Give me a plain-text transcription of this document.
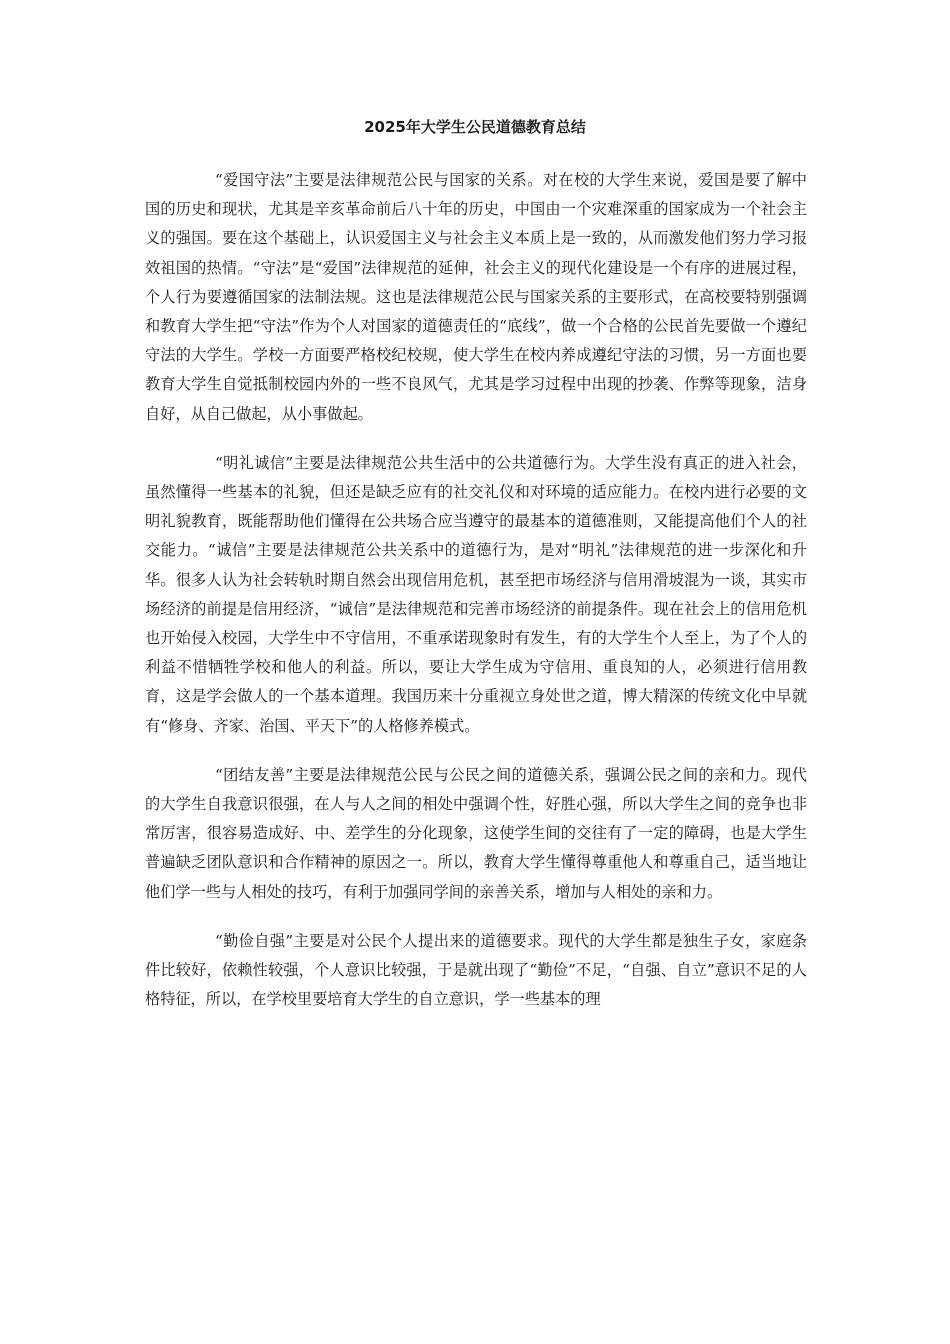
2025年大学生公民道德教育总结

“爱国守法”主要是法律规范公民与国家的关系。对在校的大学生来说，爱国是要了解中国的历史和现状，尤其是辛亥革命前后八十年的历史，中国由一个灾难深重的国家成为一个社会主义的强国。要在这个基础上，认识爱国主义与社会主义本质上是一致的，从而激发他们努力学习报效祖国的热情。“守法”是“爱国”法律规范的延伸，社会主义的现代化建设是一个有序的进展过程，个人行为要遵循国家的法制法规。这也是法律规范公民与国家关系的主要形式，在高校要特别强调和教育大学生把“守法”作为个人对国家的道德责任的“底线”，做一个合格的公民首先要做一个遵纪守法的大学生。学校一方面要严格校纪校规，使大学生在校内养成遵纪守法的习惯，另一方面也要教育大学生自觉抵制校园内外的一些不良风气，尤其是学习过程中出现的抄袭、作弊等现象，洁身自好，从自己做起，从小事做起。

“明礼诚信”主要是法律规范公共生活中的公共道德行为。大学生没有真正的进入社会，虽然懂得一些基本的礼貌，但还是缺乏应有的社交礼仪和对环境的适应能力。在校内进行必要的文明礼貌教育，既能帮助他们懂得在公共场合应当遵守的最基本的道德准则，又能提高他们个人的社交能力。“诚信”主要是法律规范公共关系中的道德行为，是对“明礼”法律规范的进一步深化和升华。很多人认为社会转轨时期自然会出现信用危机，甚至把市场经济与信用滑坡混为一谈，其实市场经济的前提是信用经济，“诚信”是法律规范和完善市场经济的前提条件。现在社会上的信用危机也开始侵入校园，大学生中不守信用，不重承诺现象时有发生，有的大学生个人至上，为了个人的利益不惜牺牲学校和他人的利益。所以，要让大学生成为守信用、重良知的人，必须进行信用教育，这是学会做人的一个基本道理。我国历来十分重视立身处世之道，博大精深的传统文化中早就有“修身、齐家、治国、平天下”的人格修养模式。

“团结友善”主要是法律规范公民与公民之间的道德关系，强调公民之间的亲和力。现代的大学生自我意识很强，在人与人之间的相处中强调个性，好胜心强，所以大学生之间的竞争也非常厉害，很容易造成好、中、差学生的分化现象，这使学生间的交往有了一定的障碍，也是大学生普遍缺乏团队意识和合作精神的原因之一。所以，教育大学生懂得尊重他人和尊重自己，适当地让他们学一些与人相处的技巧，有利于加强同学间的亲善关系，增加与人相处的亲和力。

“勤俭自强”主要是对公民个人提出来的道德要求。现代的大学生都是独生子女，家庭条件比较好，依赖性较强，个人意识比较强，于是就出现了“勤俭”不足，“自强、自立”意识不足的人格特征，所以，在学校里要培育大学生的自立意识，学一些基本的理
